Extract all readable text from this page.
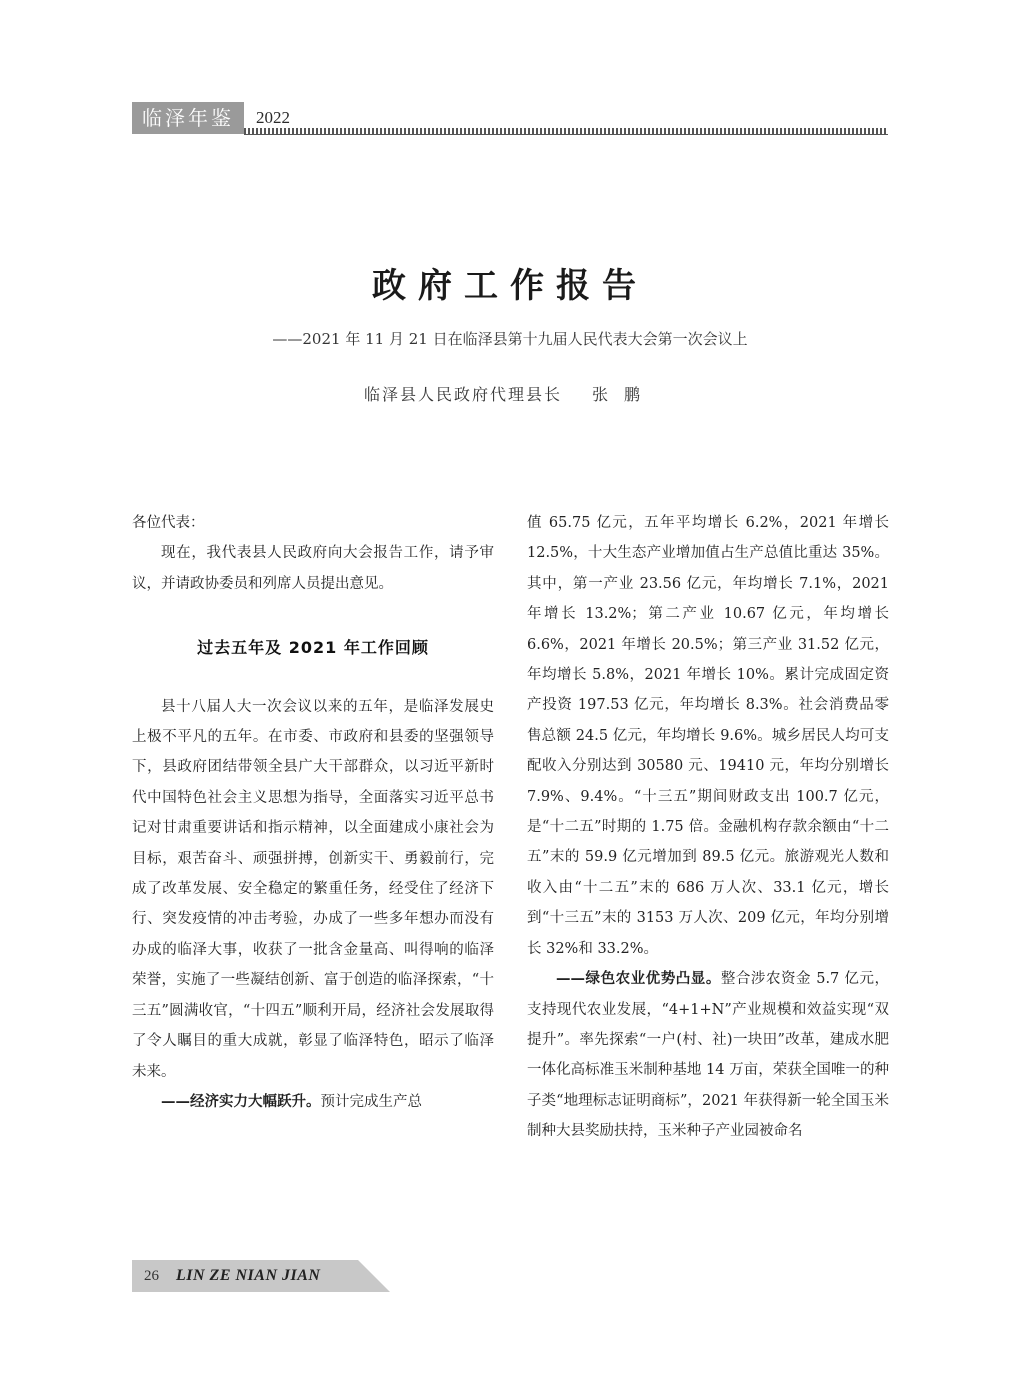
临泽年鉴	2022
政府工作报告
——2021 年 11 月 21 日在临泽县第十九届人民代表大会第一次会议上
临泽县人民政府代理县长 张鹏

各位代表：

现在，我代表县人民政府向大会报告工作，请予审议，并请政协委员和列席人员提出意见。

过去五年及 2021 年工作回顾

县十八届人大一次会议以来的五年，是临泽发展史上极不平凡的五年。在市委、市政府和县委的坚强领导下，县政府团结带领全县广大干部群众，以习近平新时代中国特色社会主义思想为指导，全面落实习近平总书记对甘肃重要讲话和指示精神，以全面建成小康社会为目标，艰苦奋斗、顽强拼搏，创新实干、勇毅前行，完成了改革发展、安全稳定的繁重任务，经受住了经济下行、突发疫情的冲击考验，办成了一些多年想办而没有办成的临泽大事，收获了一批含金量高、叫得响的临泽荣誉，实施了一些凝结创新、富于创造的临泽探索，“十三五”圆满收官，“十四五”顺利开局，经济社会发展取得了令人瞩目的重大成就，彰显了临泽特色，昭示了临泽未来。

——经济实力大幅跃升。预计完成生产总

值 65.75 亿元，五年平均增长 6.2%，2021 年增长 12.5%，十大生态产业增加值占生产总值比重达 35%。其中，第一产业 23.56 亿元，年均增长 7.1%，2021 年增长 13.2%；第二产业 10.67 亿元，年均增长 6.6%，2021 年增长 20.5%；第三产业 31.52 亿元，年均增长 5.8%，2021 年增长 10%。累计完成固定资产投资 197.53 亿元，年均增长 8.3%。社会消费品零售总额 24.5 亿元，年均增长 9.6%。城乡居民人均可支配收入分别达到 30580 元、19410 元，年均分别增长 7.9%、9.4%。“十三五”期间财政支出 100.7 亿元，是“十二五”时期的 1.75 倍。金融机构存款余额由“十二五”末的 59.9 亿元增加到 89.5 亿元。旅游观光人数和收入由“十二五”末的 686 万人次、33.1 亿元，增长到“十三五”末的 3153 万人次、209 亿元，年均分别增长 32%和 33.2%。

——绿色农业优势凸显。整合涉农资金 5.7 亿元，支持现代农业发展，“4+1+N”产业规模和效益实现“双提升”。率先探索“一户(村、社)一块田”改革，建成水肥一体化高标准玉米制种基地 14 万亩，荣获全国唯一的种子类“地理标志证明商标”，2021 年获得新一轮全国玉米制种大县奖励扶持，玉米种子产业园被命名

26 LIN ZE NIAN JIAN
